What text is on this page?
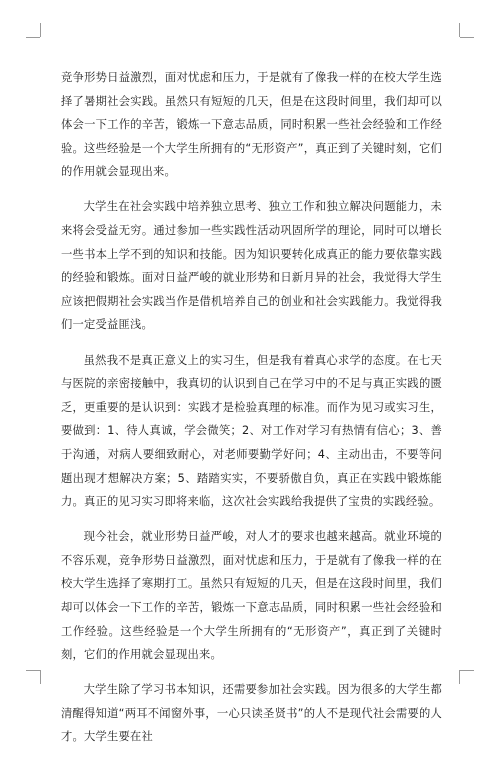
竞争形势日益激烈，面对忧虑和压力，于是就有了像我一样的在校大学生选择了暑期社会实践。虽然只有短短的几天，但是在这段时间里，我们却可以体会一下工作的辛苦，锻炼一下意志品质，同时积累一些社会经验和工作经验。这些经验是一个大学生所拥有的“无形资产”，真正到了关键时刻，它们的作用就会显现出来。

大学生在社会实践中培养独立思考、独立工作和独立解决问题能力，未来将会受益无穷。通过参加一些实践性活动巩固所学的理论，同时可以增长一些书本上学不到的知识和技能。因为知识要转化成真正的能力要依靠实践的经验和锻炼。面对日益严峻的就业形势和日新月异的社会，我觉得大学生应该把假期社会实践当作是借机培养自己的创业和社会实践能力。我觉得我们一定受益匪浅。

虽然我不是真正意义上的实习生，但是我有着真心求学的态度。在七天与医院的亲密接触中，我真切的认识到自己在学习中的不足与真正实践的匮乏，更重要的是认识到：实践才是检验真理的标准。而作为见习或实习生，要做到：1、待人真诚，学会微笑；2、对工作对学习有热情有信心；3、善于沟通，对病人要细致耐心，对老师要勤学好问；4、主动出击，不要等问题出现才想解决方案；5、踏踏实实，不要骄傲自负，真正在实践中锻炼能力。真正的见习实习即将来临，这次社会实践给我提供了宝贵的实践经验。

现今社会，就业形势日益严峻，对人才的要求也越来越高。就业环境的不容乐观，竞争形势日益激烈，面对忧虑和压力，于是就有了像我一样的在校大学生选择了寒期打工。虽然只有短短的几天，但是在这段时间里，我们却可以体会一下工作的辛苦，锻炼一下意志品质，同时积累一些社会经验和工作经验。这些经验是一个大学生所拥有的“无形资产”，真正到了关键时刻，它们的作用就会显现出来。

大学生除了学习书本知识，还需要参加社会实践。因为很多的大学生都清醒得知道“两耳不闻窗外事，一心只读圣贤书”的人不是现代社会需要的人才。大学生要在社
